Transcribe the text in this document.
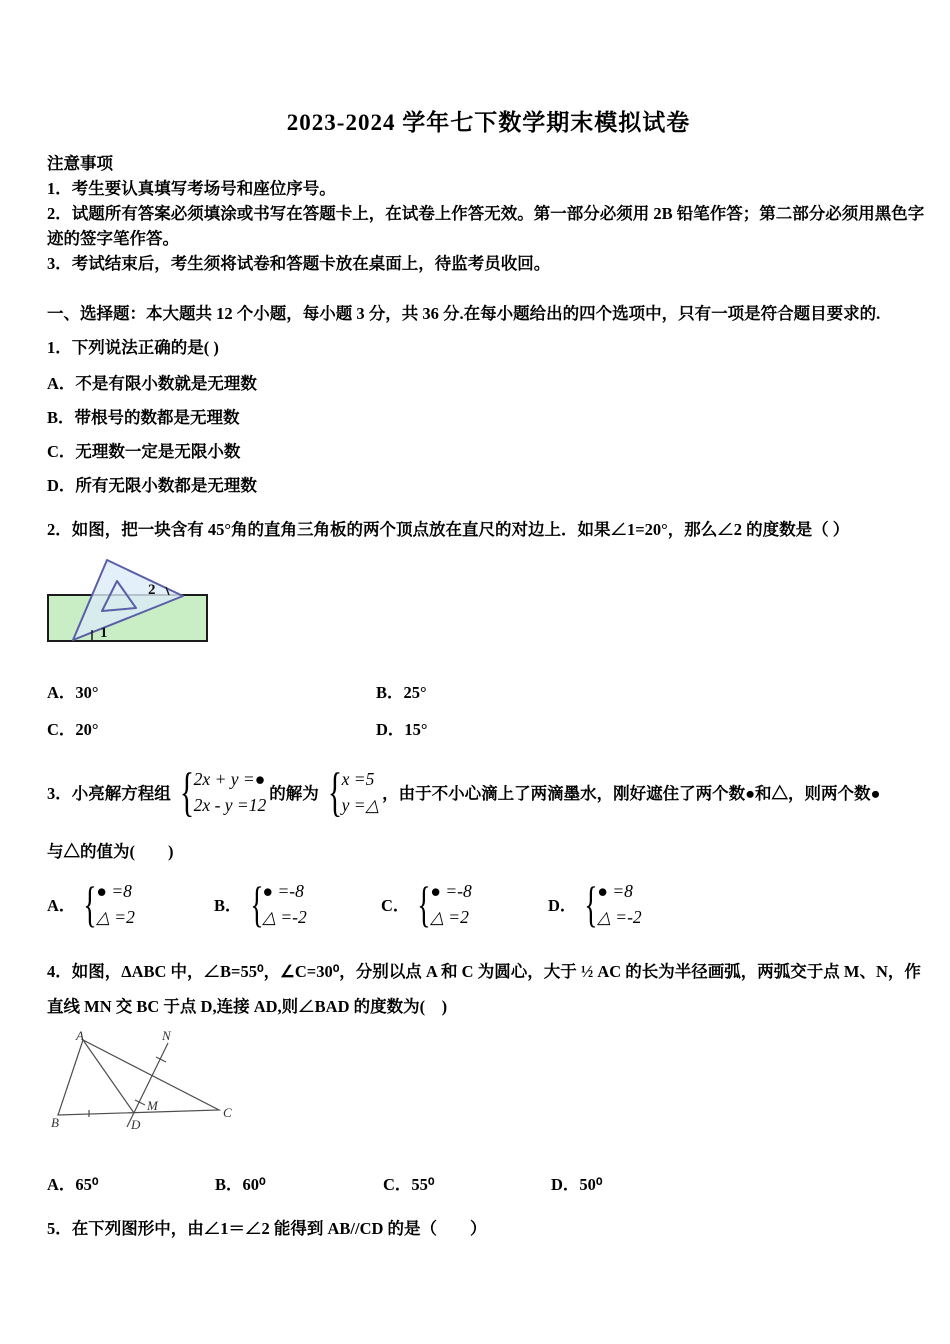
2023-2024 学年七下数学期末模拟试卷
注意事项
1．考生要认真填写考场号和座位序号。
2．试题所有答案必须填涂或书写在答题卡上，在试卷上作答无效。第一部分必须用 2B 铅笔作答；第二部分必须用黑色字迹的签字笔作答。
3．考试结束后，考生须将试卷和答题卡放在桌面上，待监考员收回。
一、选择题：本大题共 12 个小题，每小题 3 分，共 36 分.在每小题给出的四个选项中，只有一项是符合题目要求的.
1．下列说法正确的是( )
A．不是有限小数就是无理数
B．带根号的数都是无理数
C．无理数一定是无限小数
D．所有无限小数都是无理数
2．如图，把一块含有 45°角的直角三角板的两个顶点放在直尺的对边上．如果∠1=20°，那么∠2 的度数是（ ）
2
1
A．30°	B．25°
C．20°	D．15°
3．小亮解方程组 { 2x + y =●
2x - y =12
的解为 { x =5
y =△
，由于不小心滴上了两滴墨水，刚好遮住了两个数●和△，则两个数●
与△的值为(　　)
A． { ● =8
△ =2
B． { ● =-8
△ =-2
C． { ● =-8
△ =2
D． { ● =8
△ =-2
4．如图，ΔABC 中，∠B=55⁰，∠C=30⁰，分别以点 A 和 C 为圆心，大于 ½ AC 的长为半径画弧，两弧交于点 M、N，作直线 MN 交 BC 于点 D,连接 AD,则∠BAD 的度数为(　)
A
B
C
D
M
N
A．65⁰	B．60⁰	C．55⁰	D．50⁰
5．在下列图形中，由∠1＝∠2 能得到 AB//CD 的是（　　）
